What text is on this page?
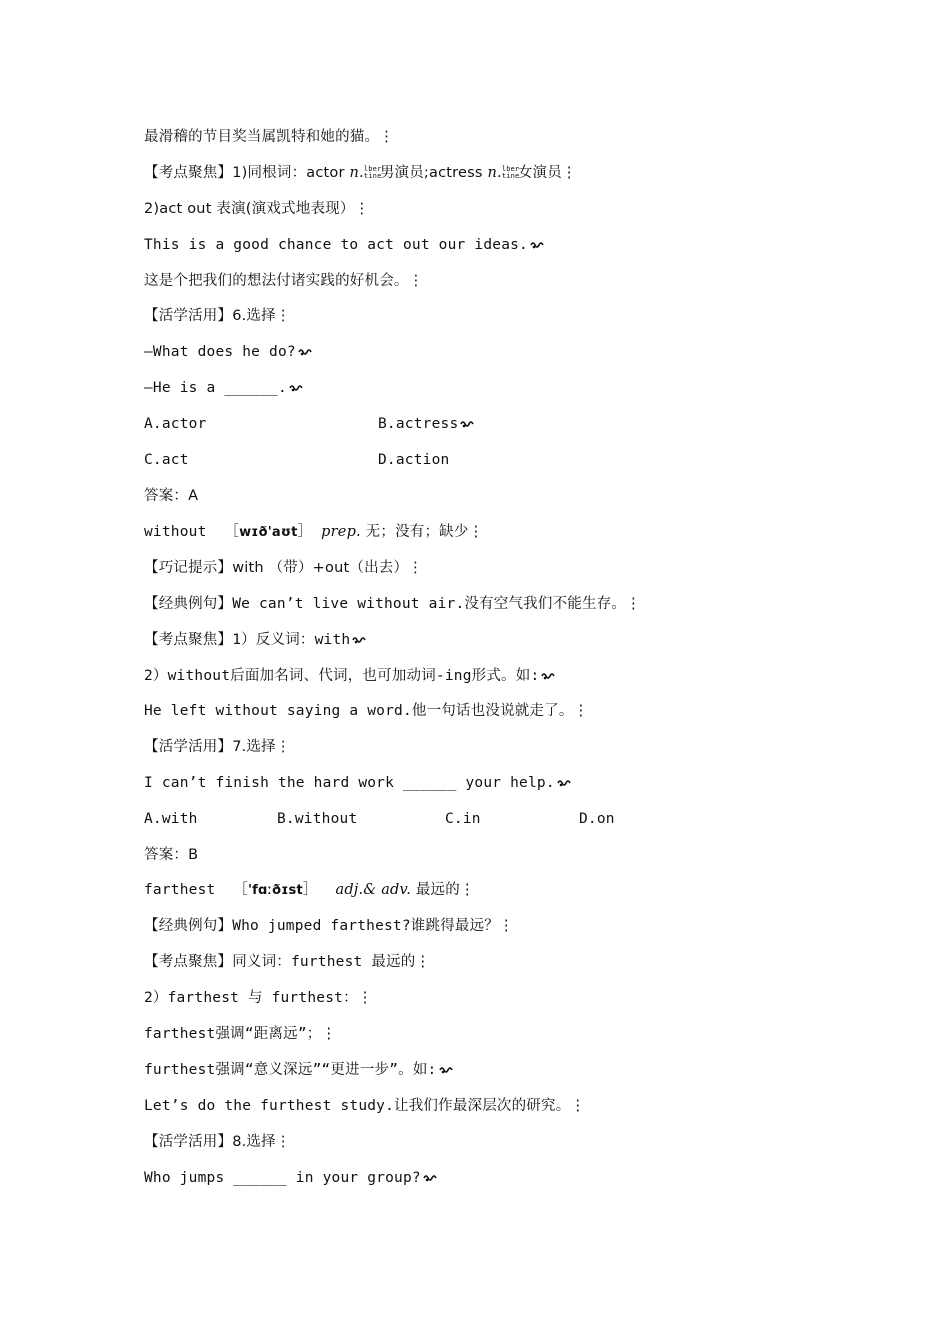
最滑稽的节目奖当属凯特和她的猫。⋮
【考点聚焦】1)同根词：actor n. lber
tine
男演员;actress n. lber
tine
女演员⋮
2)act out 表演(演戏式地表现）⋮
This is a good chance to act out our ideas.
这是个把我们的想法付诸实践的好机会。⋮
【活学活用】6.选择⋮
—What does he do?
—He is a ______.
A.actor	B.actress
C.act	D.action
答案：A
without  ［wɪð'aʊt］ prep. 无；没有；缺少⋮
【巧记提示】with （带）+out（出去）⋮
【经典例句】We can’t live without air.没有空气我们不能生存。⋮
【考点聚焦】1）反义词：with
2）without后面加名词、代词，也可加动词-ing形式。如:
He left without saying a word.他一句话也没说就走了。⋮
【活学活用】7.选择⋮
I can’t finish the hard work ______ your help.
A.with	B.without	C.in	D.on
答案：B
farthest  ［'fɑːðɪst］  adj.& adv. 最远的⋮
【经典例句】Who jumped farthest?谁跳得最远？⋮
【考点聚焦】同义词：furthest 最远的⋮
2）farthest 与 furthest：⋮
farthest强调“距离远”；⋮
furthest强调“意义深远”“更进一步”。如:
Let’s do the furthest study.让我们作最深层次的研究。⋮
【活学活用】8.选择⋮
Who jumps ______ in your group?
